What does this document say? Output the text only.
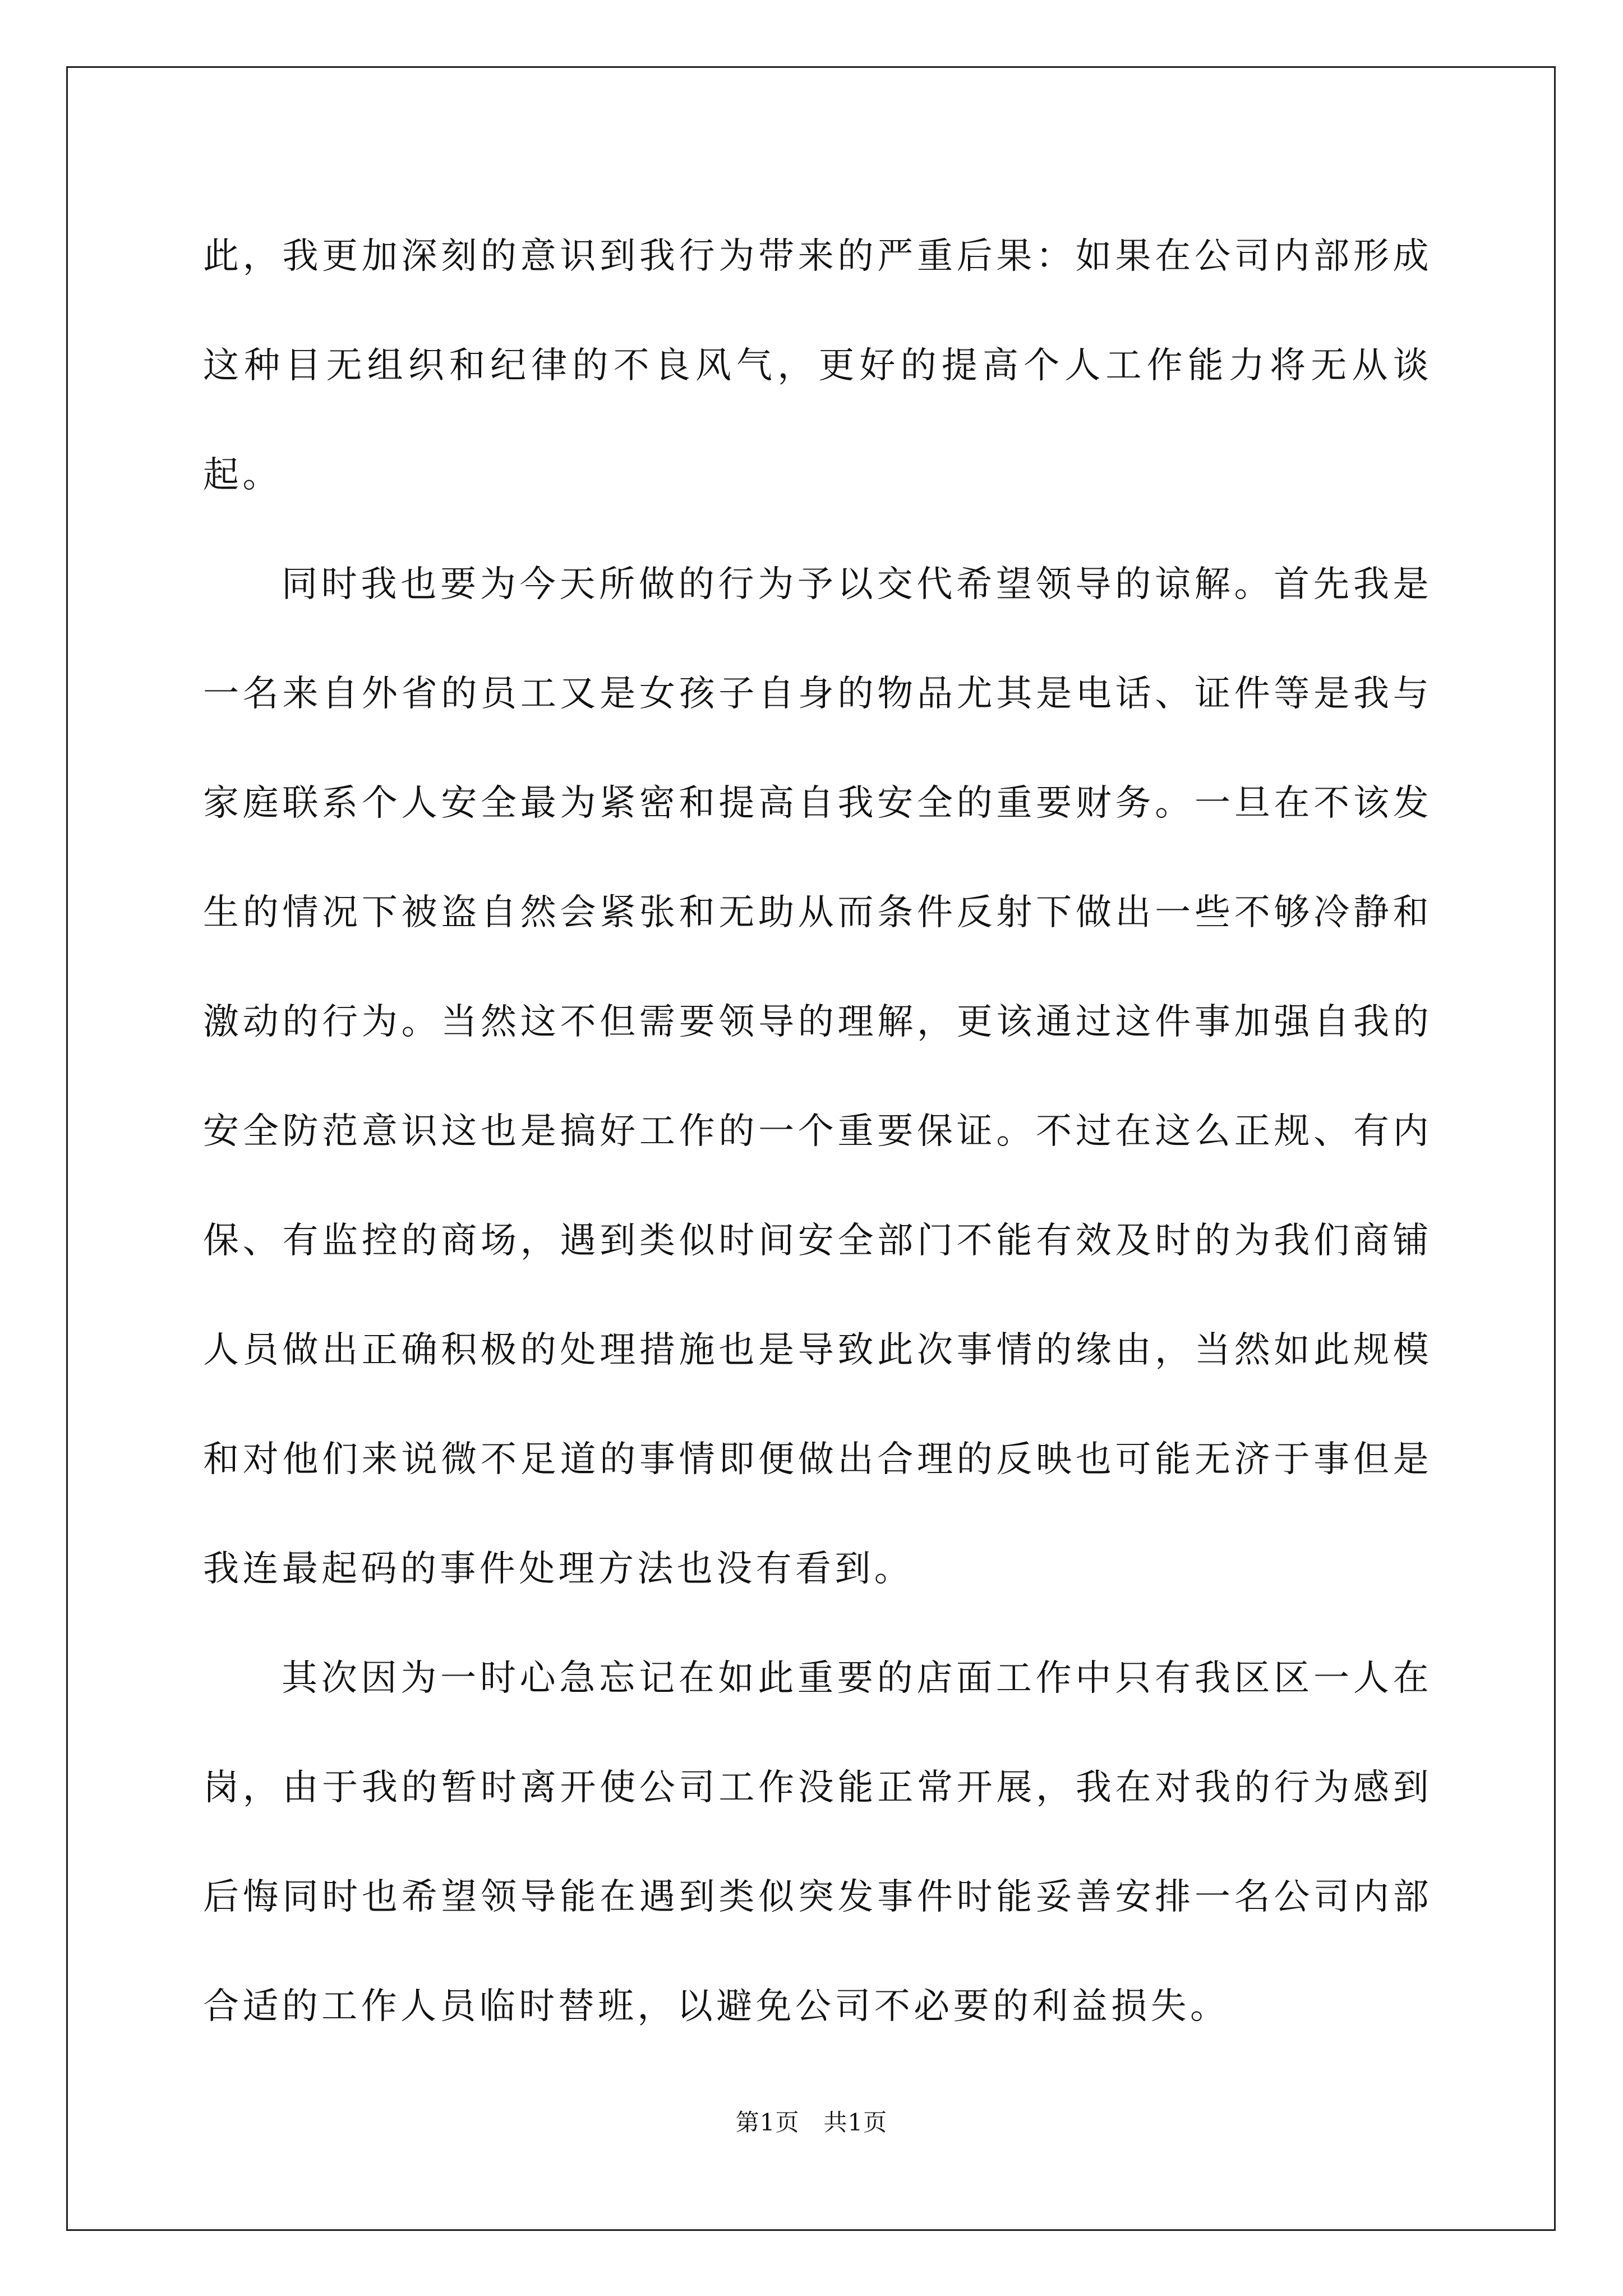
此，我更加深刻的意识到我行为带来的严重后果：如果在公司内部形成这种目无组织和纪律的不良风气，更好的提高个人工作能力将无从谈起。

同时我也要为今天所做的行为予以交代希望领导的谅解。首先我是一名来自外省的员工又是女孩子自身的物品尤其是电话、证件等是我与家庭联系个人安全最为紧密和提高自我安全的重要财务。一旦在不该发生的情况下被盗自然会紧张和无助从而条件反射下做出一些不够冷静和激动的行为。当然这不但需要领导的理解，更该通过这件事加强自我的安全防范意识这也是搞好工作的一个重要保证。不过在这么正规、有内保、有监控的商场，遇到类似时间安全部门不能有效及时的为我们商铺人员做出正确积极的处理措施也是导致此次事情的缘由，当然如此规模和对他们来说微不足道的事情即便做出合理的反映也可能无济于事但是我连最起码的事件处理方法也没有看到。

其次因为一时心急忘记在如此重要的店面工作中只有我区区一人在岗，由于我的暂时离开使公司工作没能正常开展，我在对我的行为感到后悔同时也希望领导能在遇到类似突发事件时能妥善安排一名公司内部合适的工作人员临时替班，以避免公司不必要的利益损失。

第1页　共1页
